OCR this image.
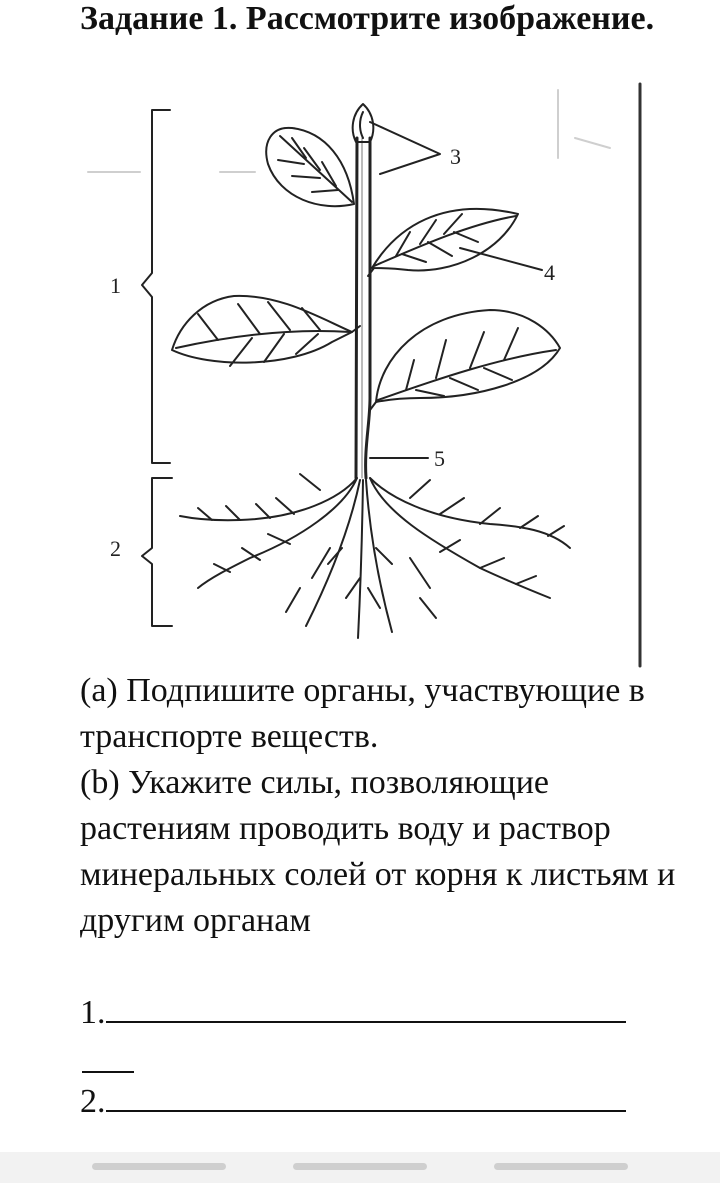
Задание 1. Рассмотрите изображение.
1
2
3
4
5

(a) Подпишите органы, участвующие в транспорте веществ.

(b) Укажите силы, позволяющие растениям проводить воду и раствор минеральных солей от корня к листьям и другим органам

1.
2.
